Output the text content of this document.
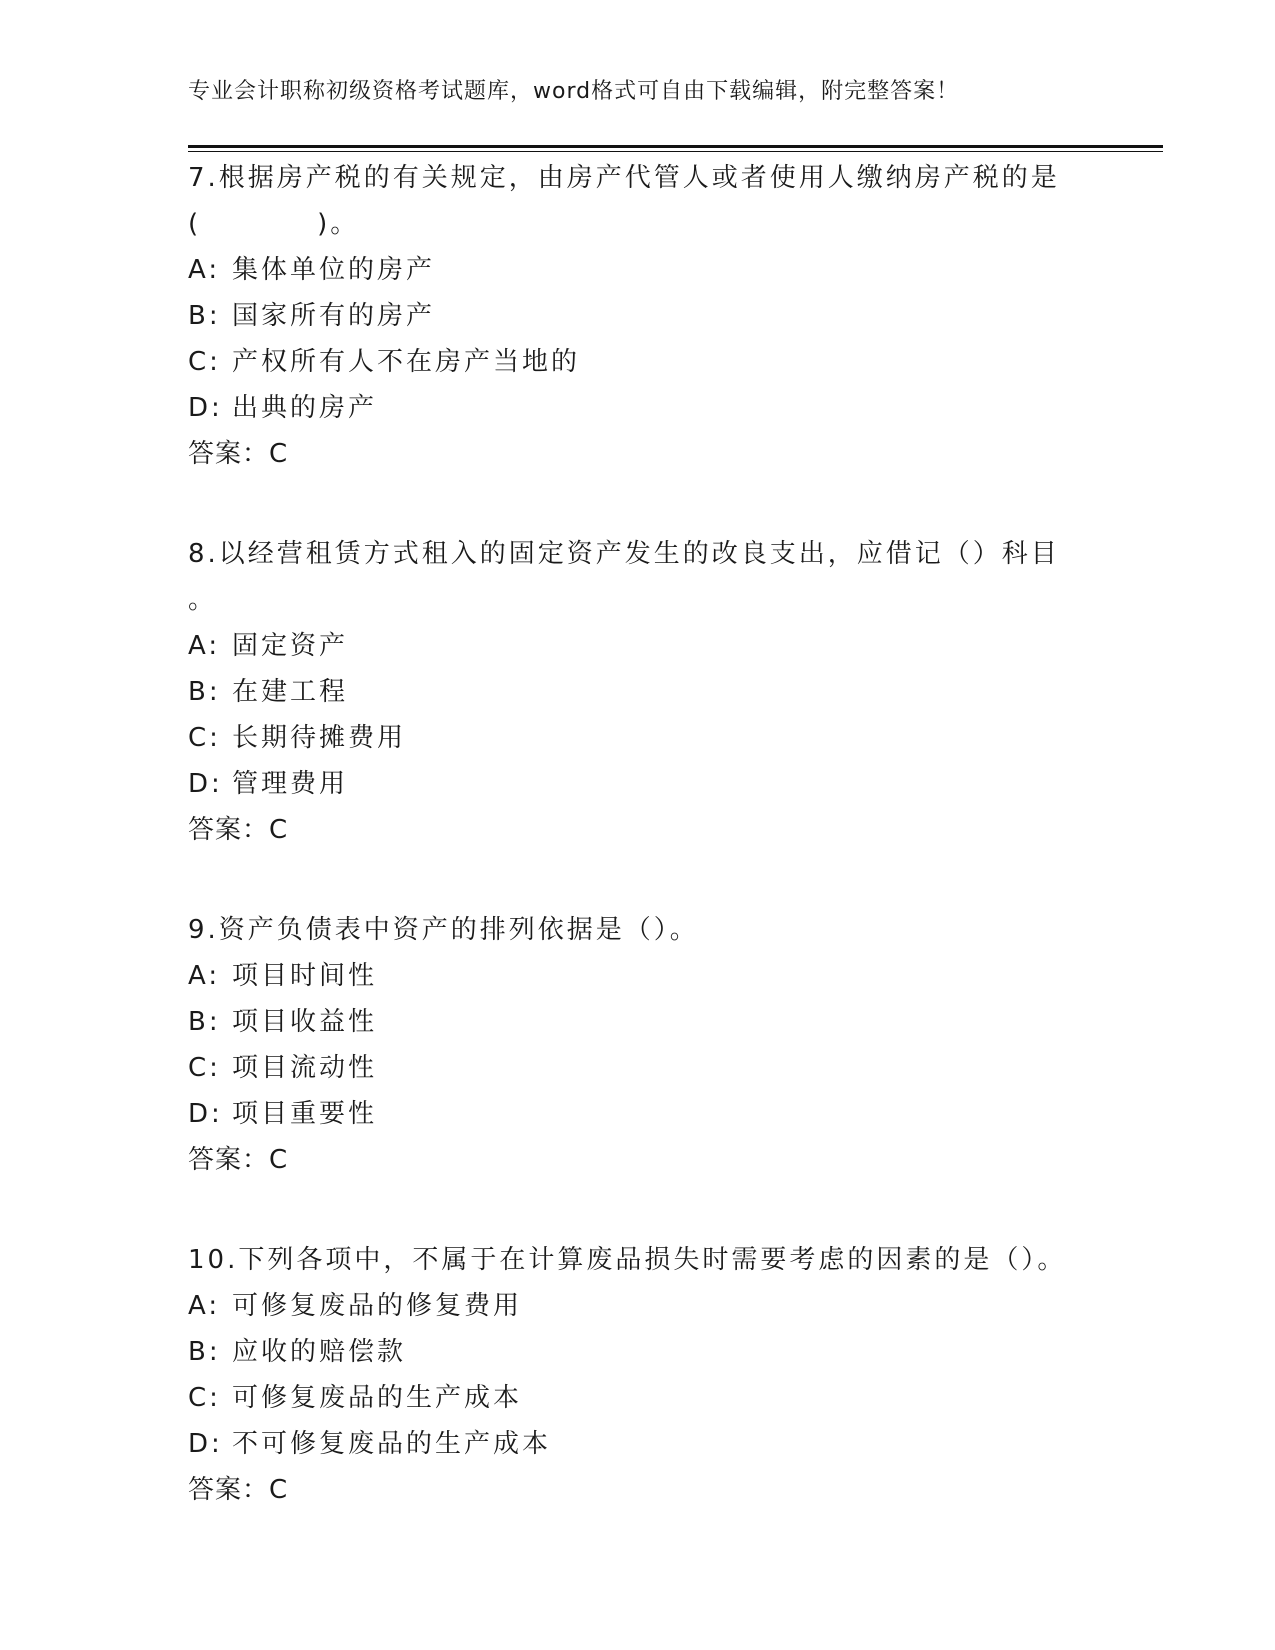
专业会计职称初级资格考试题库，word格式可自由下载编辑，附完整答案！
7.根据房产税的有关规定，由房产代管人或者使用人缴纳房产税的是
(　　　　)。
A: 集体单位的房产
B: 国家所有的房产
C: 产权所有人不在房产当地的
D: 出典的房产
答案：C
8.以经营租赁方式租入的固定资产发生的改良支出，应借记（）科目
。
A: 固定资产
B: 在建工程
C: 长期待摊费用
D: 管理费用
答案：C
9.资产负债表中资产的排列依据是（）。
A: 项目时间性
B: 项目收益性
C: 项目流动性
D: 项目重要性
答案：C
10.下列各项中，不属于在计算废品损失时需要考虑的因素的是（）。
A: 可修复废品的修复费用
B: 应收的赔偿款
C: 可修复废品的生产成本
D: 不可修复废品的生产成本
答案：C
